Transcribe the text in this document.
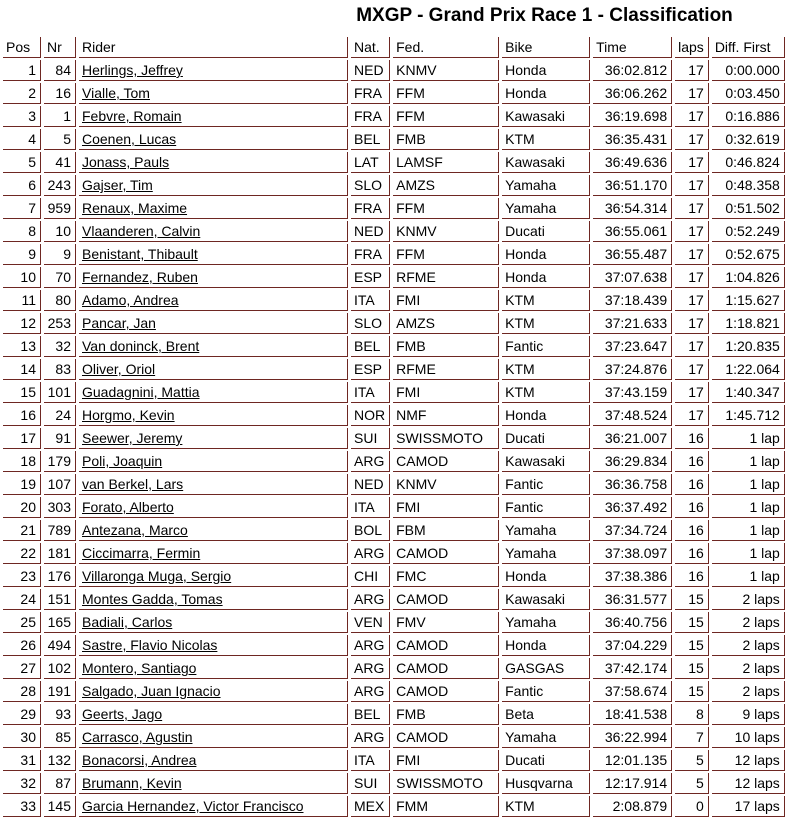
MXGP - Grand Prix Race 1 - Classification
Pos	Nr	Rider	Nat.	Fed.	Bike	Time	laps	Diff. First
1	84	Herlings, Jeffrey	NED	KNMV	Honda	36:02.812	17	0:00.000
2	16	Vialle, Tom	FRA	FFM	Honda	36:06.262	17	0:03.450
3	1	Febvre, Romain	FRA	FFM	Kawasaki	36:19.698	17	0:16.886
4	5	Coenen, Lucas	BEL	FMB	KTM	36:35.431	17	0:32.619
5	41	Jonass, Pauls	LAT	LAMSF	Kawasaki	36:49.636	17	0:46.824
6	243	Gajser, Tim	SLO	AMZS	Yamaha	36:51.170	17	0:48.358
7	959	Renaux, Maxime	FRA	FFM	Yamaha	36:54.314	17	0:51.502
8	10	Vlaanderen, Calvin	NED	KNMV	Ducati	36:55.061	17	0:52.249
9	9	Benistant, Thibault	FRA	FFM	Honda	36:55.487	17	0:52.675
10	70	Fernandez, Ruben	ESP	RFME	Honda	37:07.638	17	1:04.826
11	80	Adamo, Andrea	ITA	FMI	KTM	37:18.439	17	1:15.627
12	253	Pancar, Jan	SLO	AMZS	KTM	37:21.633	17	1:18.821
13	32	Van doninck, Brent	BEL	FMB	Fantic	37:23.647	17	1:20.835
14	83	Oliver, Oriol	ESP	RFME	KTM	37:24.876	17	1:22.064
15	101	Guadagnini, Mattia	ITA	FMI	KTM	37:43.159	17	1:40.347
16	24	Horgmo, Kevin	NOR	NMF	Honda	37:48.524	17	1:45.712
17	91	Seewer, Jeremy	SUI	SWISSMOTO	Ducati	36:21.007	16	1 lap
18	179	Poli, Joaquin	ARG	CAMOD	Kawasaki	36:29.834	16	1 lap
19	107	van Berkel, Lars	NED	KNMV	Fantic	36:36.758	16	1 lap
20	303	Forato, Alberto	ITA	FMI	Fantic	36:37.492	16	1 lap
21	789	Antezana, Marco	BOL	FBM	Yamaha	37:34.724	16	1 lap
22	181	Ciccimarra, Fermin	ARG	CAMOD	Yamaha	37:38.097	16	1 lap
23	176	Villaronga Muga, Sergio	CHI	FMC	Honda	37:38.386	16	1 lap
24	151	Montes Gadda, Tomas	ARG	CAMOD	Kawasaki	36:31.577	15	2 laps
25	165	Badiali, Carlos	VEN	FMV	Yamaha	36:40.756	15	2 laps
26	494	Sastre, Flavio Nicolas	ARG	CAMOD	Honda	37:04.229	15	2 laps
27	102	Montero, Santiago	ARG	CAMOD	GASGAS	37:42.174	15	2 laps
28	191	Salgado, Juan Ignacio	ARG	CAMOD	Fantic	37:58.674	15	2 laps
29	93	Geerts, Jago	BEL	FMB	Beta	18:41.538	8	9 laps
30	85	Carrasco, Agustin	ARG	CAMOD	Yamaha	36:22.994	7	10 laps
31	132	Bonacorsi, Andrea	ITA	FMI	Ducati	12:01.135	5	12 laps
32	87	Brumann, Kevin	SUI	SWISSMOTO	Husqvarna	12:17.914	5	12 laps
33	145	Garcia Hernandez, Victor Francisco	MEX	FMM	KTM	2:08.879	0	17 laps
